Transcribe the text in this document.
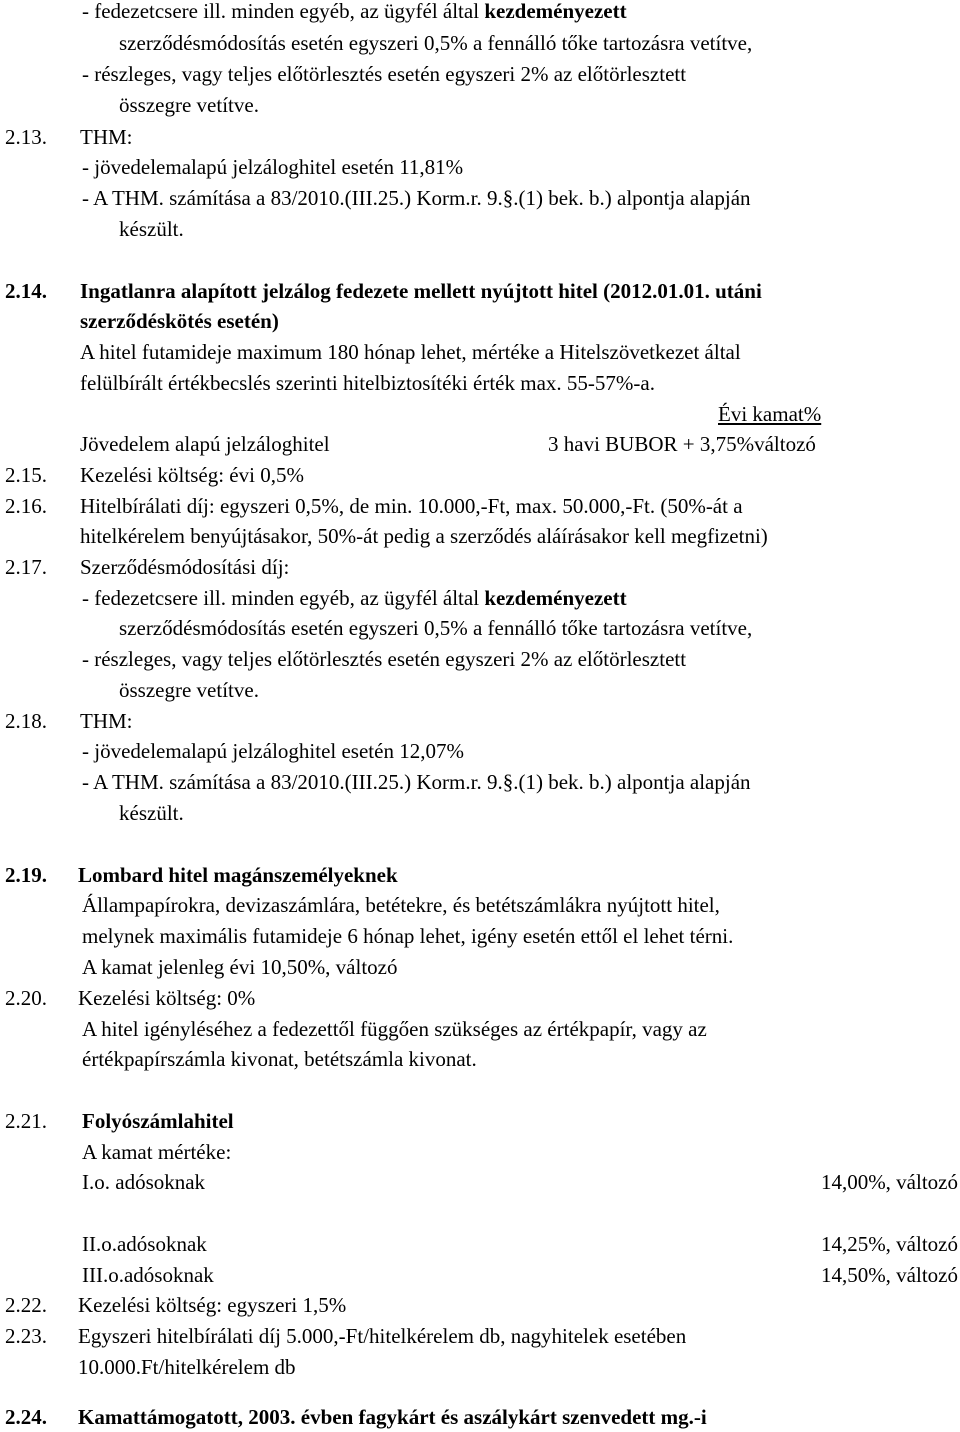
- fedezetcsere ill. minden egyéb, az ügyfél által kezdeményezett
szerződésmódosítás esetén egyszeri 0,5% a fennálló tőke tartozásra vetítve,
- részleges, vagy teljes előtörlesztés esetén egyszeri 2% az előtörlesztett
összegre vetítve.
2.13. THM:
- jövedelemalapú jelzáloghitel esetén 11,81%
- A THM. számítása a 83/2010.(III.25.) Korm.r. 9.§.(1) bek. b.) alpontja alapján
készült.
2.14. Ingatlanra alapított jelzálog fedezete mellett nyújtott hitel (2012.01.01. utáni
szerződéskötés esetén)
A hitel futamideje maximum 180 hónap lehet, mértéke a Hitelszövetkezet által
felülbírált értékbecslés szerinti hitelbiztosítéki érték max. 55-57%-a.
Évi kamat%
Jövedelem alapú jelzáloghitel	3 havi BUBOR + 3,75%változó
2.15. Kezelési költség: évi 0,5%
2.16. Hitelbírálati díj: egyszeri 0,5%, de min. 10.000,-Ft, max. 50.000,-Ft. (50%-át a
hitelkérelem benyújtásakor, 50%-át pedig a szerződés aláírásakor kell megfizetni)
2.17. Szerződésmódosítási díj:
- fedezetcsere ill. minden egyéb, az ügyfél által kezdeményezett
szerződésmódosítás esetén egyszeri 0,5% a fennálló tőke tartozásra vetítve,
- részleges, vagy teljes előtörlesztés esetén egyszeri 2% az előtörlesztett
összegre vetítve.
2.18. THM:
- jövedelemalapú jelzáloghitel esetén 12,07%
- A THM. számítása a 83/2010.(III.25.) Korm.r. 9.§.(1) bek. b.) alpontja alapján
készült.
2.19. Lombard hitel magánszemélyeknek
Állampapírokra, devizaszámlára, betétekre, és betétszámlákra nyújtott hitel,
melynek maximális futamideje 6 hónap lehet, igény esetén ettől el lehet térni.
A kamat jelenleg évi 10,50%, változó
2.20. Kezelési költség: 0%
A hitel igényléséhez a fedezettől függően szükséges az értékpapír, vagy az
értékpapírszámla kivonat, betétszámla kivonat.
2.21. Folyószámlahitel
A kamat mértéke:
I.o. adósoknak	14,00%, változó
II.o.adósoknak	14,25%, változó
III.o.adósoknak	14,50%, változó
2.22. Kezelési költség: egyszeri 1,5%
2.23. Egyszeri hitelbírálati díj 5.000,-Ft/hitelkérelem db, nagyhitelek esetében
10.000.Ft/hitelkérelem db
2.24. Kamattámogatott, 2003. évben fagykárt és aszálykárt szenvedett mg.-i
